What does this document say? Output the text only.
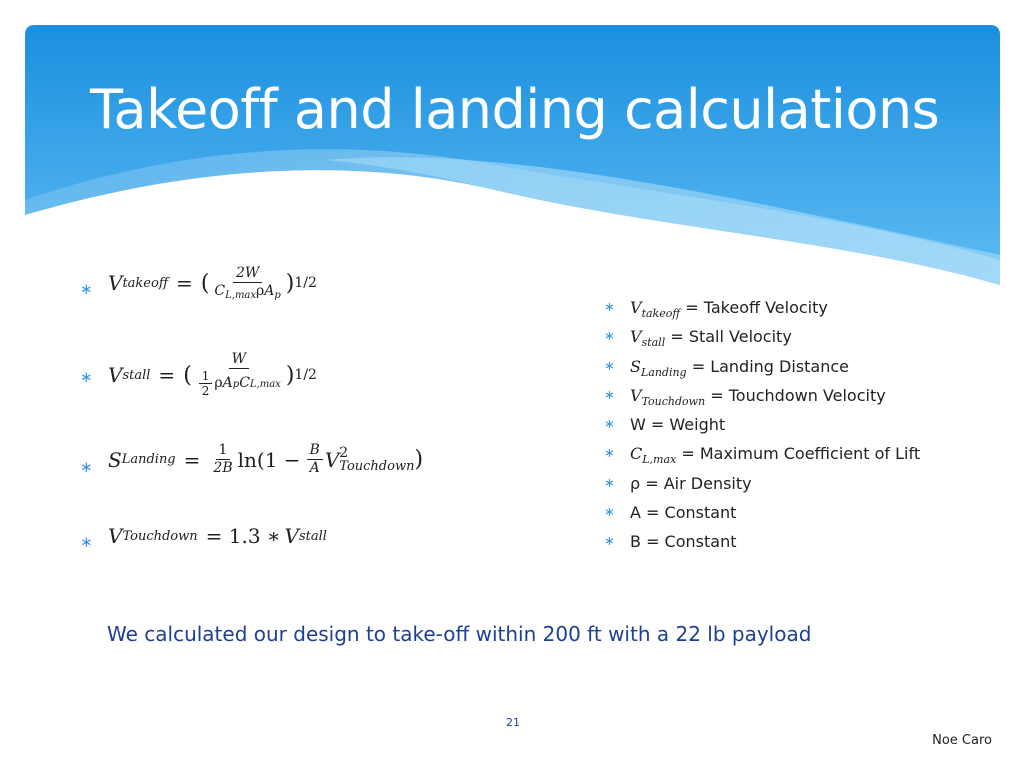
Takeoff and landing calculations
∗ V takeoff = ( $\frac{2W}{C_{L,max}\rho A_p}$ ) 1/2
∗ V stall = ( $\frac{W}{\frac{1}{2} \rho A p C L,\max}$ ) 1/2
∗ S Landing = $\frac{1}{2B} \ln(1 - \frac{B}{A}$ V 2
Touchdown )
∗ V Touchdown = 1.3 ∗ V stall
∗ $V_{takeoff}$ = Takeoff Velocity
∗ $V_{stall}$ = Stall Velocity
∗ $S_{Landing}$ = Landing Distance
∗ $V_{Touchdown}$ = Touchdown Velocity
∗ W = Weight
∗ $C_{L,max}$ = Maximum Coefficient of Lift
∗ ρ = Air Density
∗ A = Constant
∗ B = Constant
We calculated our design to take-off within 200 ft with a 22 lb payload
21
Noe Caro
